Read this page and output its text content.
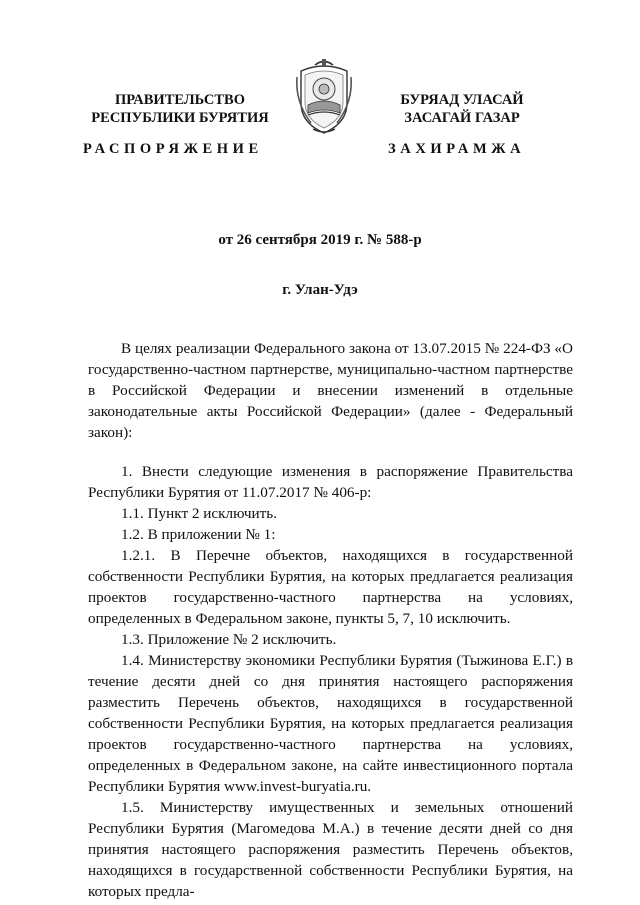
ПРАВИТЕЛЬСТВО
РЕСПУБЛИКИ БУРЯТИЯ
БУРЯАД УЛАСАЙ
ЗАСАГАЙ ГАЗАР
РАСПОРЯЖЕНИЕ	ЗАХИРАМЖА
от 26 сентября 2019 г. № 588-р
г. Улан-Удэ

В целях реализации Федерального закона от 13.07.2015 № 224-ФЗ «О государственно-частном партнерстве, муниципально-частном партнерстве в Российской Федерации и внесении изменений в отдельные законодательные акты Российской Федерации» (далее - Федеральный закон):

1. Внести следующие изменения в распоряжение Правительства Республики Бурятия от 11.07.2017 № 406-р:

1.1. Пункт 2 исключить.

1.2. В приложении № 1:

1.2.1. В Перечне объектов, находящихся в государственной собственности Республики Бурятия, на которых предлагается реализация проектов государственно-частного партнерства на условиях, определенных в Федеральном законе, пункты 5, 7, 10 исключить.

1.3. Приложение № 2 исключить.

1.4. Министерству экономики Республики Бурятия (Тыжинова Е.Г.) в течение десяти дней со дня принятия настоящего распоряжения разместить Перечень объектов, находящихся в государственной собственности Республики Бурятия, на которых предлагается реализация проектов государственно-частного партнерства на условиях, определенных в Федеральном законе, на сайте инвестиционного портала Республики Бурятия www.invest-buryatia.ru.

1.5. Министерству имущественных и земельных отношений Республики Бурятия (Магомедова М.А.) в течение десяти дней со дня принятия настоящего распоряжения разместить Перечень объектов, находящихся в государственной собственности Республики Бурятия, на которых предла-
